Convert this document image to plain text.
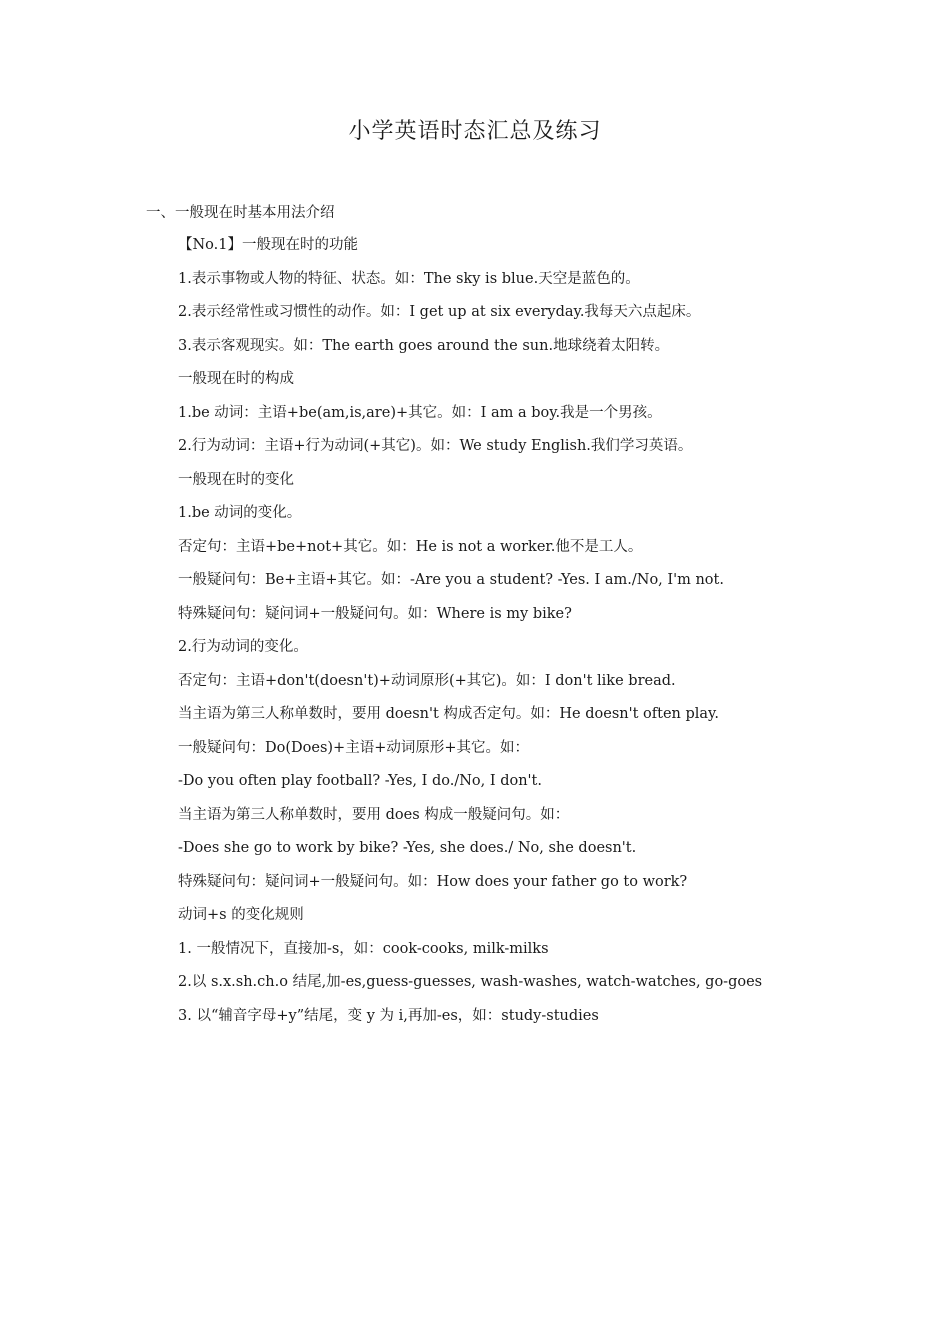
小学英语时态汇总及练习
一、一般现在时基本用法介绍
【No.1】一般现在时的功能
1.表示事物或人物的特征、状态。如：The sky is blue.天空是蓝色的。
2.表示经常性或习惯性的动作。如：I get up at six everyday.我每天六点起床。
3.表示客观现实。如：The earth goes around the sun.地球绕着太阳转。
一般现在时的构成
1.be 动词：主语+be(am,is,are)+其它。如：I am a boy.我是一个男孩。
2.行为动词：主语+行为动词(+其它)。如：We study English.我们学习英语。
一般现在时的变化
1.be 动词的变化。
否定句：主语+be+not+其它。如：He is not a worker.他不是工人。
一般疑问句：Be+主语+其它。如：-Are you a student? -Yes. I am./No, I'm not.
特殊疑问句：疑问词+一般疑问句。如：Where is my bike?
2.行为动词的变化。
否定句：主语+don't(doesn't)+动词原形(+其它)。如：I don't like bread.
当主语为第三人称单数时，要用 doesn't 构成否定句。如：He doesn't often play.
一般疑问句：Do(Does)+主语+动词原形+其它。如：
-Do you often play football? -Yes, I do./No, I don't.
当主语为第三人称单数时，要用 does 构成一般疑问句。如：
-Does she go to work by bike? -Yes, she does./ No, she doesn't.
特殊疑问句：疑问词+一般疑问句。如：How does your father go to work?
动词+s 的变化规则
1. 一般情况下，直接加-s，如：cook-cooks, milk-milks
2.以 s.x.sh.ch.o 结尾,加-es,guess-guesses, wash-washes, watch-watches, go-goes
3. 以“辅音字母+y”结尾，变 y 为 i,再加-es，如：study-studies
